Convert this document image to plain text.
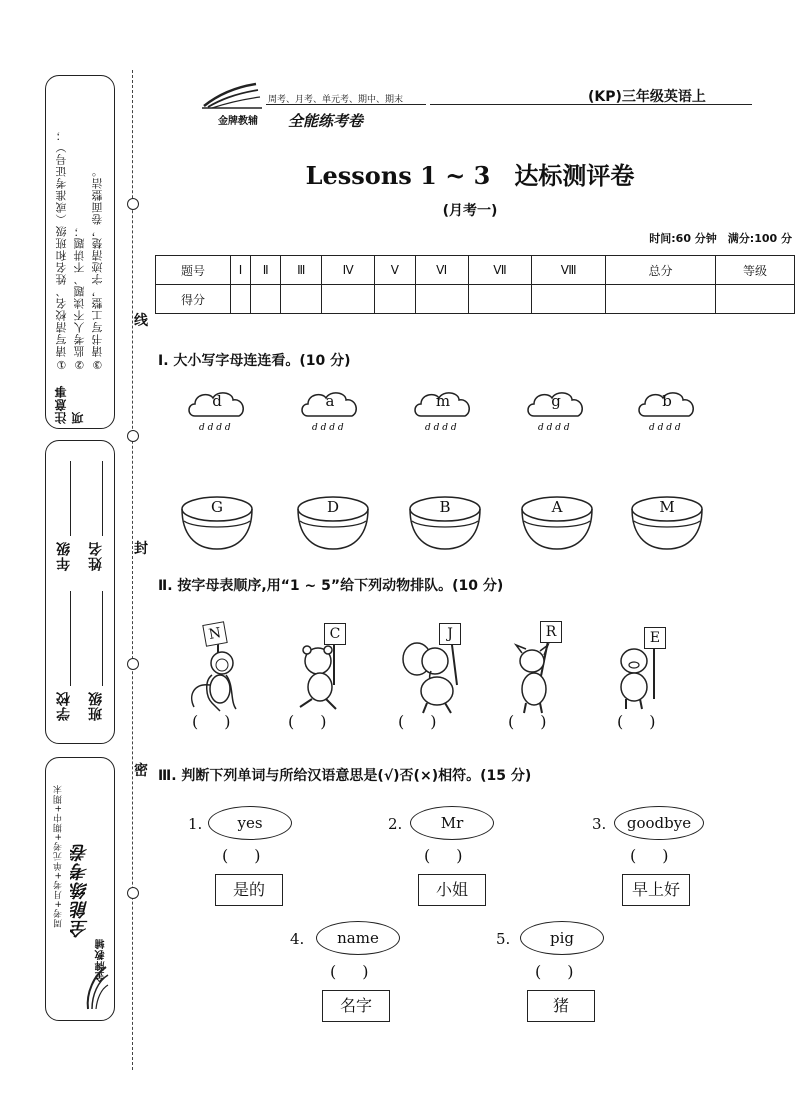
注意事项
①请写清校名、姓名和班级（或准考证号）； ②监考人不读题、不讲题； ③请书写工整，字迹清楚，卷面整洁。
学校
年级
班级
姓名
周考+月考+单元考+期中+期末 全能练考卷
金牌教辅
线
封
密
周考、月考、单元考、期中、期末
金牌教辅 全能练考卷
(KP)三年级英语上
Lessons 1 ~ 3　达标测评卷
(月考一)
时间:60 分钟　满分:100 分
题号	Ⅰ	Ⅱ	Ⅲ	Ⅳ	Ⅴ	Ⅵ	Ⅶ	Ⅷ	总分	等级
得分										
Ⅰ. 大小写字母连连看。(10 分)
d d d d
d
d d d d
a
d d d d
m
d d d d
g
d d d d
b
G	D	B	A	M
Ⅱ. 按字母表顺序,用“1 ~ 5”给下列动物排队。(10 分)
N	C	J	R	E
() ()	()	()	()
Ⅲ. 判断下列单词与所给汉语意思是(√)否(×)相符。(15 分)
1.	yes
()
是的
2.	Mr
()
小姐
3.	goodbye
()
早上好
4.	name
()
名字
5.	pig
()
猪
